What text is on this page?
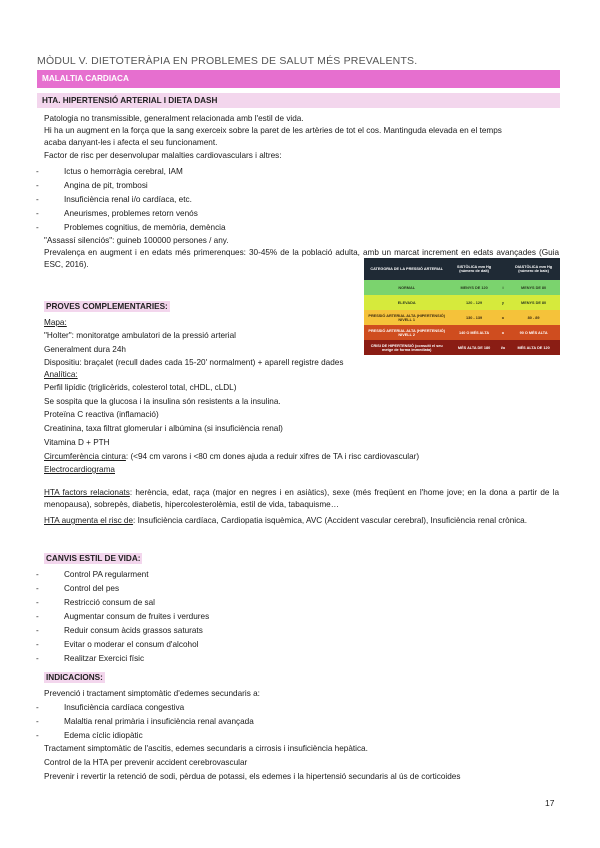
MÒDUL V. DIETOTERÀPIA EN PROBLEMES DE SALUT MÉS PREVALENTS.
MALALTIA CARDIACA
HTA. HIPERTENSIÓ ARTERIAL I DIETA DASH
Patologia no transmissible, generalment relacionada amb l'estil de vida.
Hi ha un augment en la força que la sang exerceix sobre la paret de les artèries de tot el cos. Mantinguda elevada en el temps
acaba danyant-les i afecta el seu funcionament.
Factor de risc per desenvolupar malalties cardiovasculars i altres:
-	Ictus o hemorràgia cerebral, IAM
-	Angina de pit, trombosi
-	Insuficiència renal i/o cardíaca, etc.
-	Aneurismes, problemes retorn venós
-	Problemes cognitius, de memòria, demència
"Assassí silenciós": guineb 100000 persones / any.
Prevalença en augment i en edats més primerenques: 30-45% de la població adulta, amb un marcat increment en edats avançades (Guia ESC, 2016).	CATEGORIA DE LA PRESSIÓ ARTERIAL	SISTÒLICA mm Hg (número de dalt)		DIASTÒLICA mm Hg (número de baix)
NORMAL	MENYS DE 120	i	MENYS DE 80
ELEVADA	120 - 129	y	MENYS DE 80
PRESSIÓ ARTERIAL ALTA (HIPERTENSIÓ) NIVELL 1	130 - 139	o	80 - 89
PRESSIÓ ARTERIAL ALTA (HIPERTENSIÓ) NIVELL 2	140 O MÉS ALTA	o	90 O MÉS ALTA
CRISI DE HIPERTENSIÓ (consulti el seu metge de forma immediata)	MÉS ALTA DE 180	i/o	MÉS ALTA DE 120
PROVES COMPLEMENTARIES:
Mapa:
"Holter": monitoratge ambulatori de la pressió arterial
Generalment dura 24h
Dispositiu: braçalet (recull dades cada 15-20' normalment) + aparell registre dades
Analítica:
Perfil lipídic (triglicèrids, colesterol total, cHDL, cLDL)
Se sospita que la glucosa i la insulina són resistents a la insulina.
Proteïna C reactiva (inflamació)
Creatinina, taxa filtrat glomerular i albúmina (si insuficiència renal)
Vitamina D + PTH
Circumferència cintura: (<94 cm varons i <80 cm dones ajuda a reduir xifres de TA i risc cardiovascular)
Electrocardiograma
HTA factors relacionats: herència, edat, raça (major en negres i en asiàtics), sexe (més freqüent en l'home jove; en la dona a partir de la menopausa), sobrepès, diabetis, hipercolesterolèmia, estil de vida, tabaquisme…
HTA augmenta el risc de: Insuficiència cardíaca, Cardiopatia isquèmica, AVC (Accident vascular cerebral), Insuficiència renal crònica.
CANVIS ESTIL DE VIDA:
-	Control PA regularment
-	Control del pes
-	Restricció consum de sal
-	Augmentar consum de fruites i verdures
-	Reduir consum àcids grassos saturats
-	Evitar o moderar el consum d'alcohol
-	Realitzar Exercici físic
INDICACIONS:
Prevenció i tractament simptomàtic d'edemes secundaris a:
-	Insuficiència cardíaca congestiva
-	Malaltia renal primària i insuficiència renal avançada
-	Edema cíclic idiopàtic
Tractament simptomàtic de l'ascitis, edemes secundaris a cirrosis i insuficiència hepàtica.
Control de la HTA per prevenir accident cerebrovascular
Prevenir i revertir la retenció de sodi, pèrdua de potassi, els edemes i la hipertensió secundaris al ús de corticoides
17
